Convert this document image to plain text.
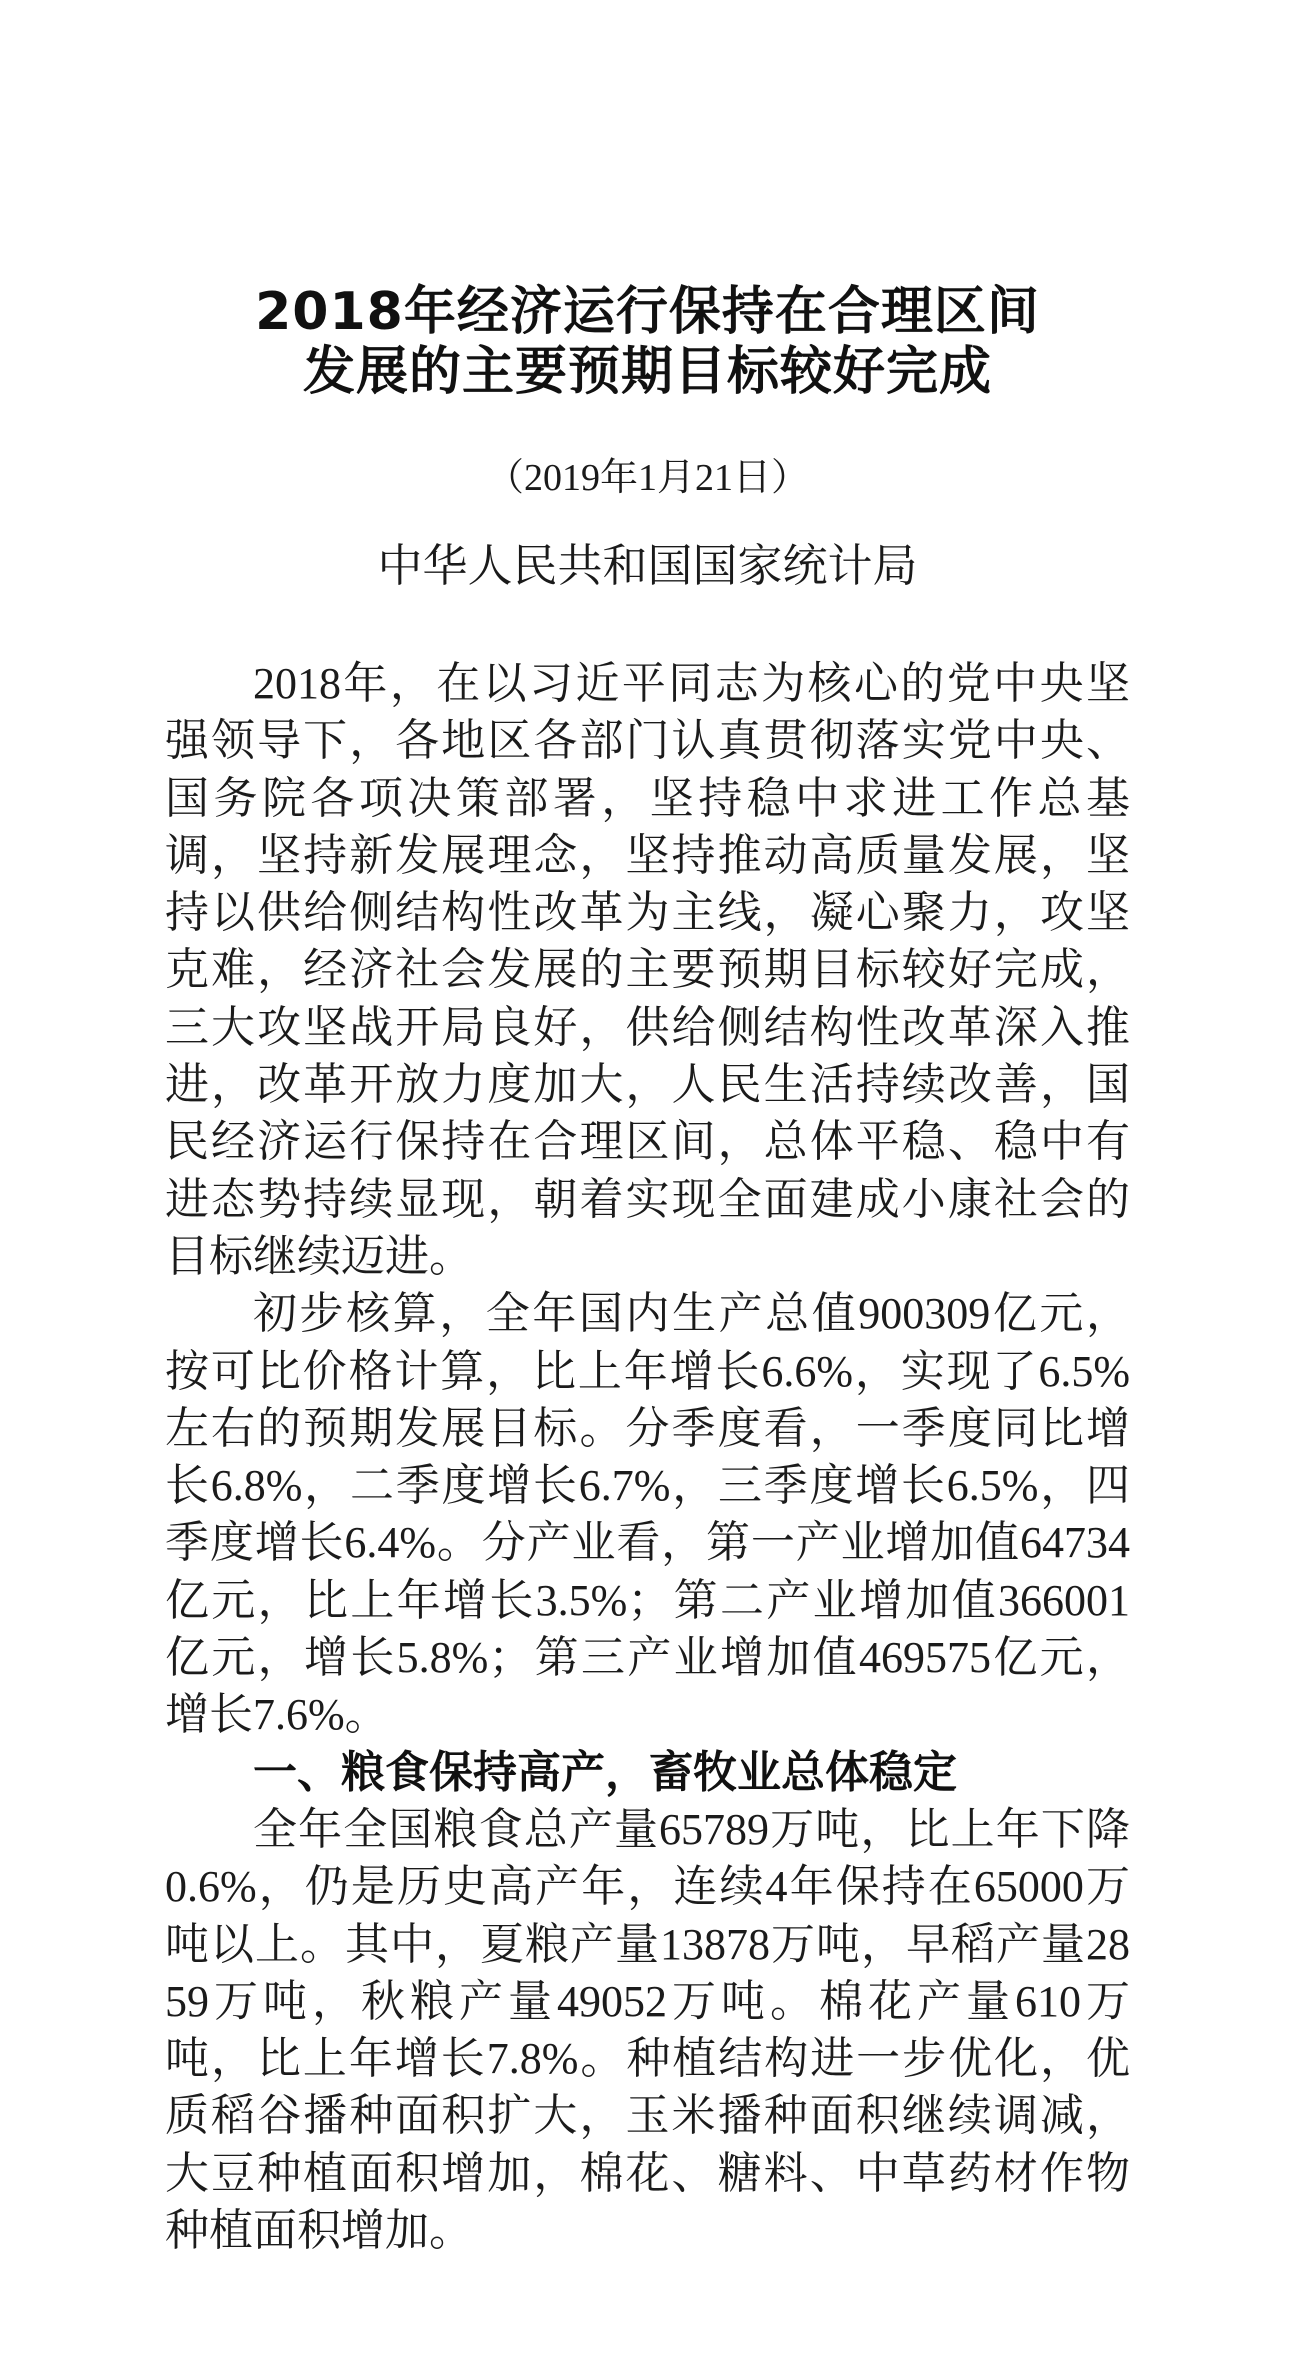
2018年经济运行保持在合理区间
发展的主要预期目标较好完成

（2019年1月21日）

中华人民共和国国家统计局

2018年，在以习近平同志为核心的党中央坚强领导下，各地区各部门认真贯彻落实党中央、国务院各项决策部署，坚持稳中求进工作总基调，坚持新发展理念，坚持推动高质量发展，坚持以供给侧结构性改革为主线，凝心聚力，攻坚克难，经济社会发展的主要预期目标较好完成，三大攻坚战开局良好，供给侧结构性改革深入推进，改革开放力度加大，人民生活持续改善，国民经济运行保持在合理区间，总体平稳、稳中有进态势持续显现，朝着实现全面建成小康社会的目标继续迈进。

初步核算，全年国内生产总值900309亿元，按可比价格计算，比上年增长6.6%，实现了6.5%左右的预期发展目标。分季度看，一季度同比增长6.8%，二季度增长6.7%，三季度增长6.5%，四季度增长6.4%。分产业看，第一产业增加值64734亿元，比上年增长3.5%；第二产业增加值366001亿元，增长5.8%；第三产业增加值469575亿元，增长7.6%。

一、粮食保持高产，畜牧业总体稳定

全年全国粮食总产量65789万吨，比上年下降0.6%，仍是历史高产年，连续4年保持在65000万吨以上。其中，夏粮产量13878万吨，早稻产量2859万吨，秋粮产量49052万吨。棉花产量610万吨，比上年增长7.8%。种植结构进一步优化，优质稻谷播种面积扩大，玉米播种面积继续调减，大豆种植面积增加，棉花、糖料、中草药材作物种植面积增加。
